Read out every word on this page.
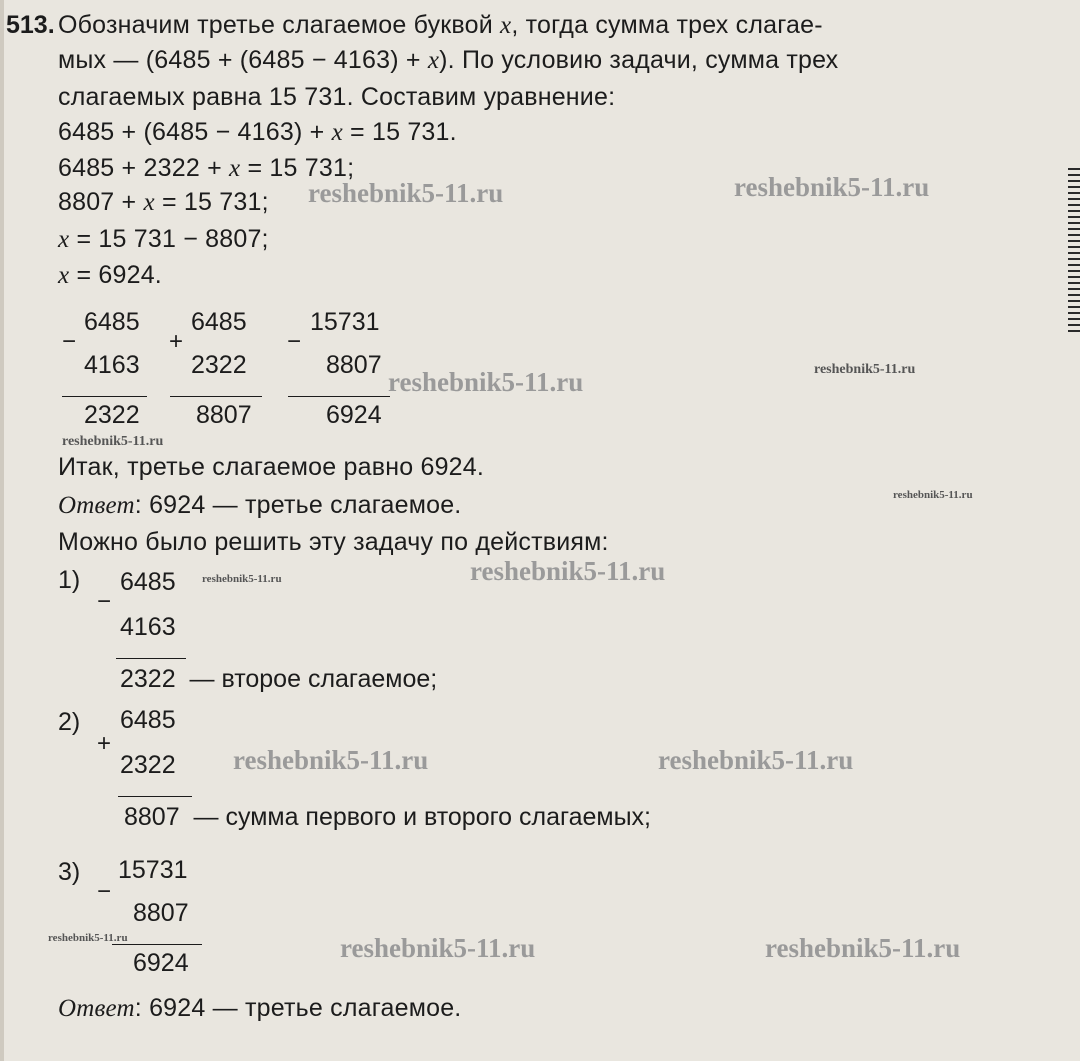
513. Обозначим третье слагаемое буквой x, тогда сумма трех слагае-
мых — (6485 + (6485 − 4163) + x). По условию задачи, сумма трех
слагаемых равна 15 731. Составим уравнение:
6485 + (6485 − 4163) + x = 15 731.
6485 + 2322 + x = 15 731;
8807 + x = 15 731;
x = 15 731 − 8807;
x = 6924.
6485
−
4163
2322
6485
+
2322
8807
15731
−
8807
6924
Итак, третье слагаемое равно 6924.
Ответ: 6924 — третье слагаемое.
Можно было решить эту задачу по действиям:
1) 6485
−
4163
2322 — второе слагаемое;
2) 6485
+
2322
8807 — сумма первого и второго слагаемых;
3) 15731
−
8807
6924
Ответ: 6924 — третье слагаемое.
reshebnik5-11.ru	reshebnik5-11.ru
reshebnik5-11.ru	reshebnik5-11.ru
reshebnik5-11.ru
reshebnik5-11.ru
reshebnik5-11.ru	reshebnik5-11.ru
reshebnik5-11.ru	reshebnik5-11.ru
reshebnik5-11.ru	reshebnik5-11.ru	reshebnik5-11.ru
